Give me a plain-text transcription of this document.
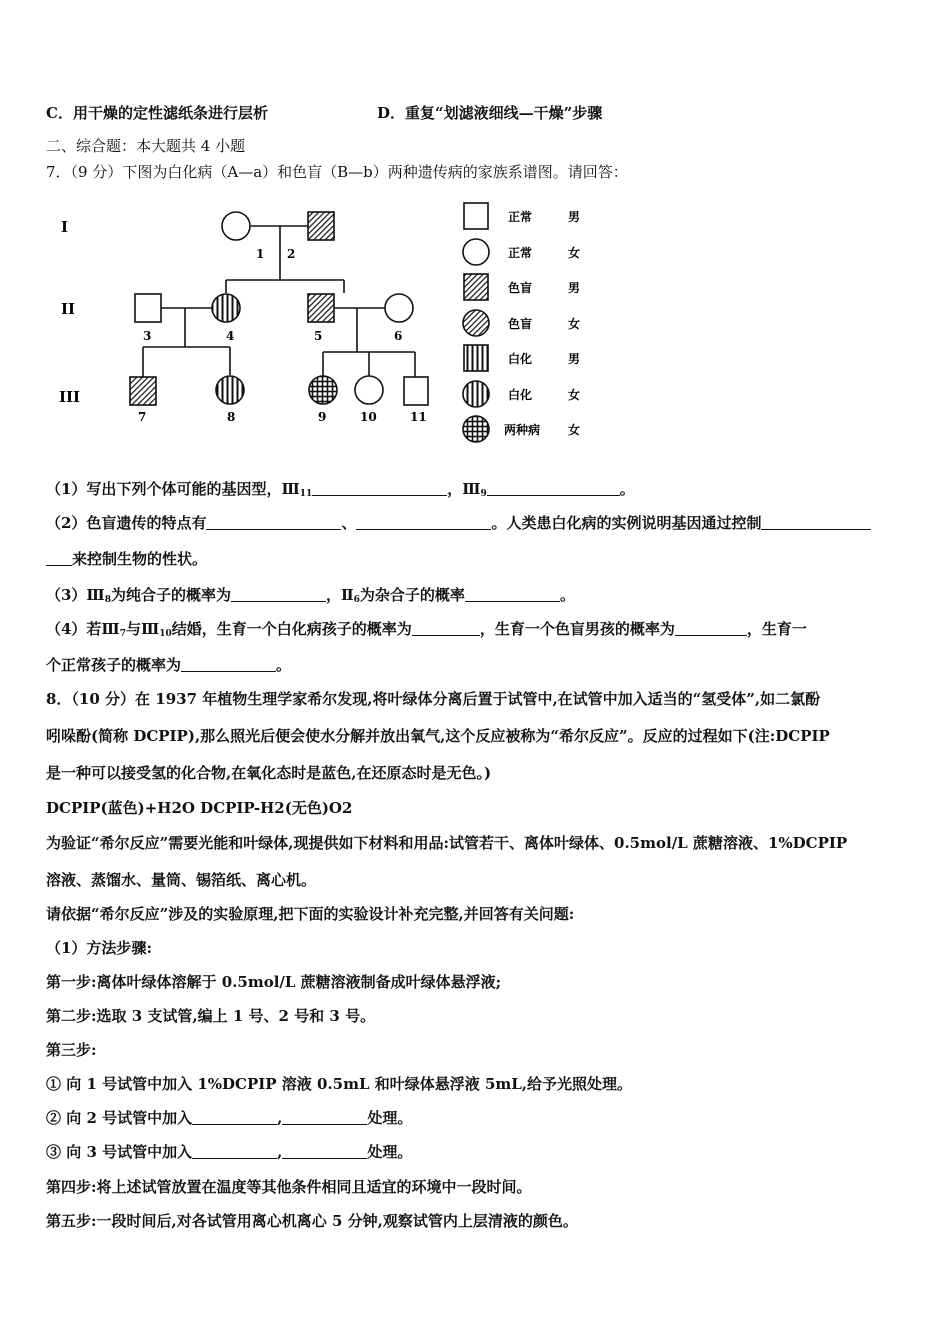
C．用干燥的定性滤纸条进行层析	D．重复“划滤液细线—干燥”步骤
二、综合题：本大题共 4 小题
7．（9 分）下图为白化病（A—a）和色盲（B—b）两种遗传病的家族系谱图。请回答：
I
II
III
1 2
3	4	5	6
7	8	9	10	11
正常	男
正常	女
色盲	男
色盲	女
白化	男
白化	女
两种病 女
（1）写出下列个体可能的基因型，$Ⅲ_{11}$	，$Ⅲ_9$	。
（2）色盲遗传的特点有	、	。人类患白化病的实例说明基因通过控制
来控制生物的性状。
$(3)Ⅲ_8$为纯合子的概率为	，$Ⅱ_6$为杂合子的概率	。
（4）若$Ⅲ_7$与$Ⅲ_{10}$结婚，生育一个白化病孩子的概率为	，生育一个色盲男孩的概率为	，生育一
个正常孩子的概率为	。
8．（10 分）在 1937 年植物生理学家希尔发现,将叶绿体分离后置于试管中,在试管中加入适当的“氢受体”,如二氯酚
吲哚酚(简称 DCPIP),那么照光后便会使水分解并放出氧气,这个反应被称为“希尔反应”。反应的过程如下(注:DCPIP
是一种可以接受氢的化合物,在氧化态时是蓝色,在还原态时是无色。)
DCPIP(蓝色)+H2O DCPIP-H2(无色)O2
为验证“希尔反应”需要光能和叶绿体,现提供如下材料和用品:试管若干、离体叶绿体、0.5mol/L 蔗糖溶液、1%DCPIP
溶液、蒸馏水、量筒、锡箔纸、离心机。
请依据“希尔反应”涉及的实验原理,把下面的实验设计补充完整,并回答有关问题:
（1）方法步骤:
第一步:离体叶绿体溶解于 0.5mol/L 蔗糖溶液制备成叶绿体悬浮液;
第二步:选取 3 支试管,编上 1 号、2 号和 3 号。
第三步:
① 向 1 号试管中加入 1%DCPIP 溶液 0.5mL 和叶绿体悬浮液 5mL,给予光照处理。
② 向 2 号试管中加入	,	处理。
③ 向 3 号试管中加入	,	处理。
第四步:将上述试管放置在温度等其他条件相同且适宜的环境中一段时间。
第五步:一段时间后,对各试管用离心机离心 5 分钟,观察试管内上层清液的颜色。
